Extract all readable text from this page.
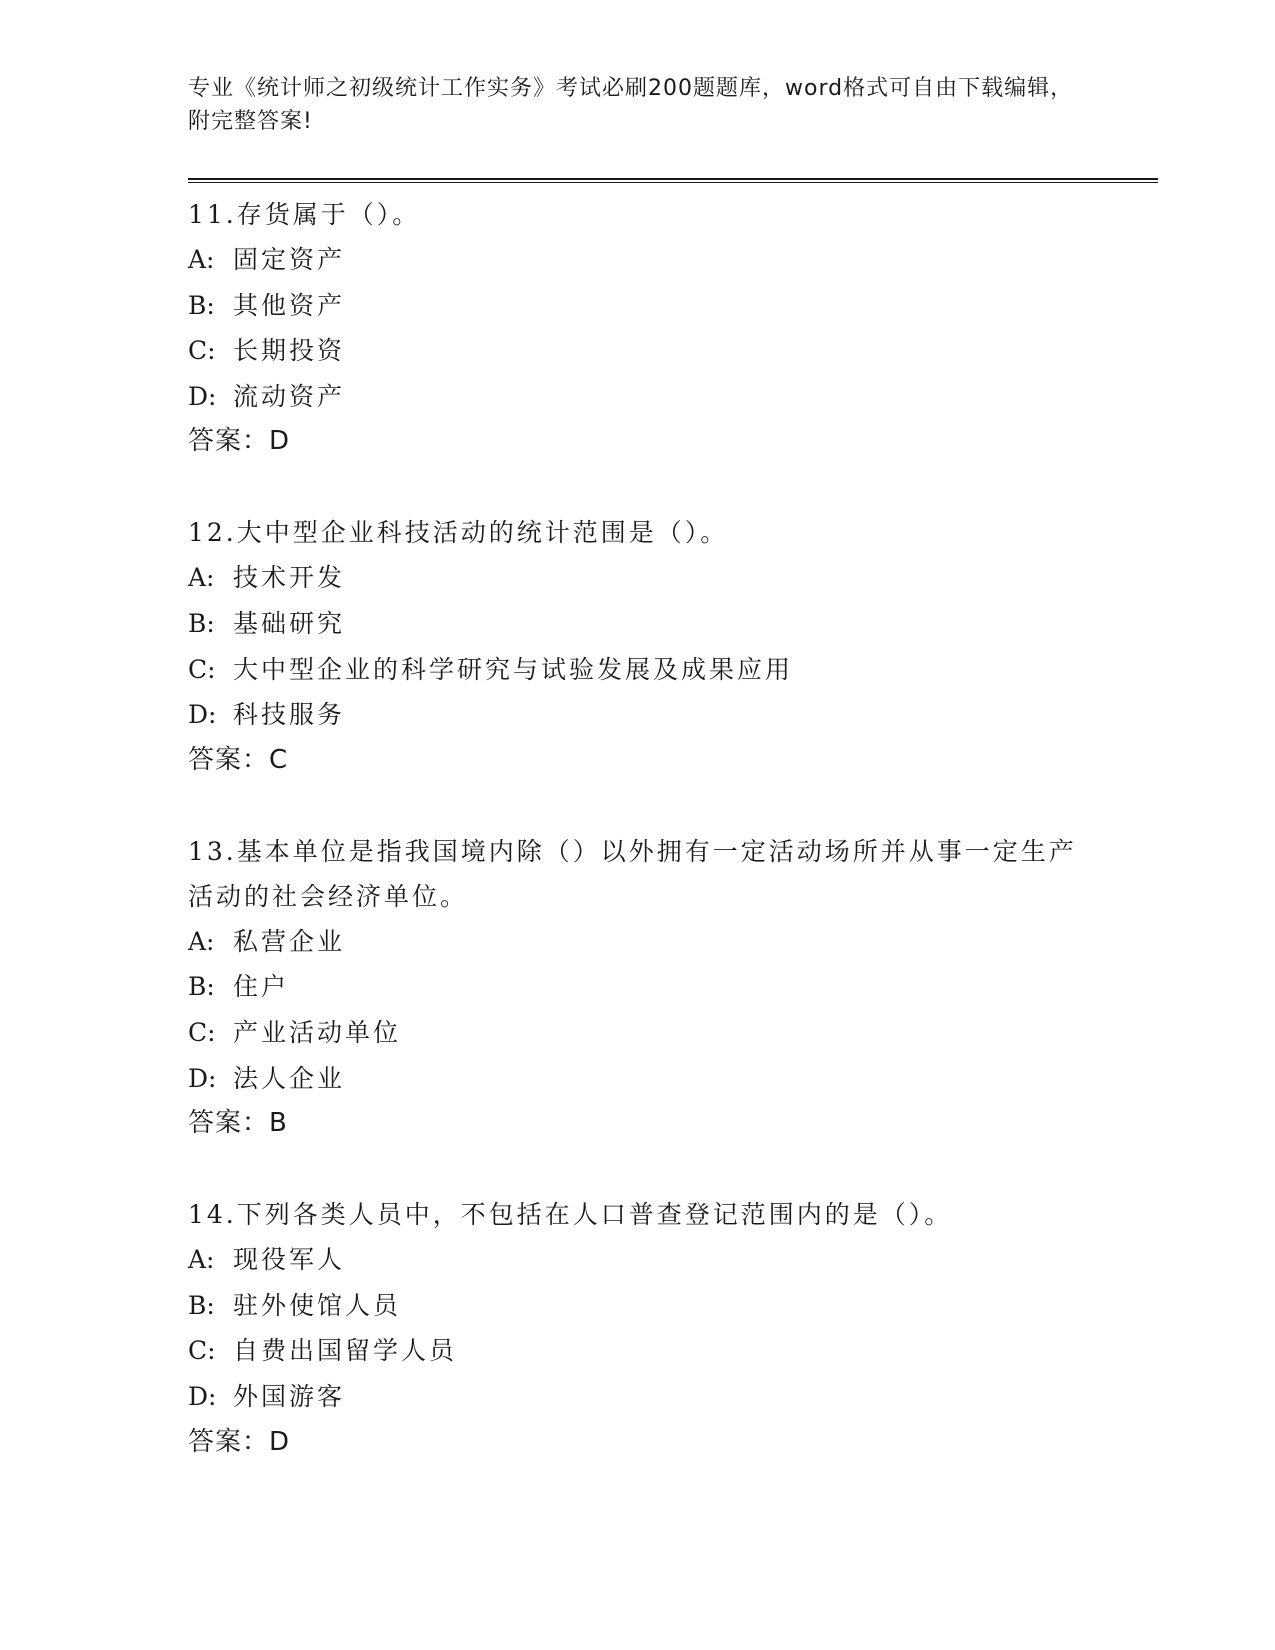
专业《统计师之初级统计工作实务》考试必刷200题题库，word格式可自由下载编辑，附完整答案!

11.存货属于（）。

A: 固定资产
B: 其他资产
C: 长期投资
D: 流动资产
答案：D

12.大中型企业科技活动的统计范围是（）。

A: 技术开发
B: 基础研究
C: 大中型企业的科学研究与试验发展及成果应用
D: 科技服务
答案：C

13.基本单位是指我国境内除（）以外拥有一定活动场所并从事一定生产活动的社会经济单位。

A: 私营企业
B: 住户
C: 产业活动单位
D: 法人企业
答案：B

14.下列各类人员中，不包括在人口普查登记范围内的是（）。

A: 现役军人
B: 驻外使馆人员
C: 自费出国留学人员
D: 外国游客
答案：D
